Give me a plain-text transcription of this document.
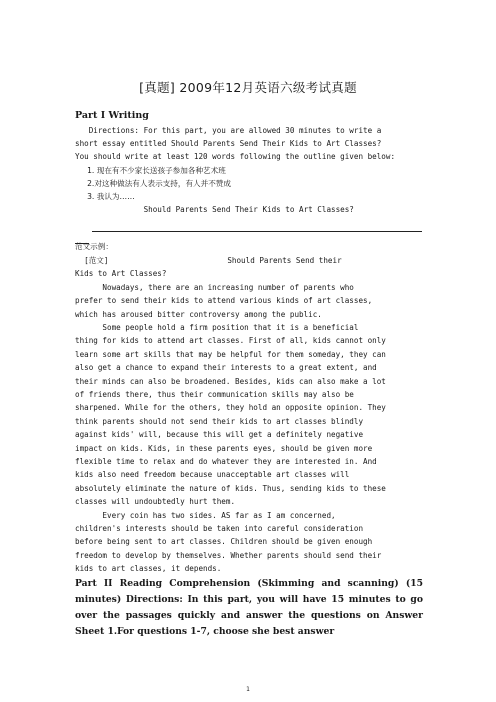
[真题] 2009年12月英语六级考试真题
Part Ⅰ Writing
Directions: For this part, you are allowed 30 minutes to write a
short essay entitled Should Parents Send Their Kids to Art Classes?
You should write at least 120 words following the outline given below:
1. 现在有不少家长送孩子参加各种艺术班
2.对这种做法有人表示支持，有人并不赞成
3. 我认为……
Should Parents Send Their Kids to Art Classes?
范文示例：
[范文]                          Should Parents Send their
Kids to Art Classes?
Nowadays, there are an increasing number of parents who
prefer to send their kids to attend various kinds of art classes,
which has aroused bitter controversy among the public.
Some people hold a firm position that it is a beneficial
thing for kids to attend art classes. First of all, kids cannot only
learn some art skills that may be helpful for them someday, they can
also get a chance to expand their interests to a great extent, and
their minds can also be broadened. Besides, kids can also make a lot
of friends there, thus their communication skills may also be
sharpened. While for the others, they hold an opposite opinion. They
think parents should not send their kids to art classes blindly
against kids' will, because this will get a definitely negative
impact on kids. Kids, in these parents eyes, should be given more
flexible time to relax and do whatever they are interested in. And
kids also need freedom because unacceptable art classes will
absolutely eliminate the nature of kids. Thus, sending kids to these
classes will undoubtedly hurt them.
Every coin has two sides. AS far as I am concerned,
children's interests should be taken into careful consideration
before being sent to art classes. Children should be given enough
freedom to develop by themselves. Whether parents should send their
kids to art classes, it depends.
Part II Reading Comprehension (Skimming and scanning) (15 minutes) Directions: In this part, you will have 15 minutes to go over the passages quickly and answer the questions on Answer Sheet 1.For questions 1-7, choose she best answer
1
